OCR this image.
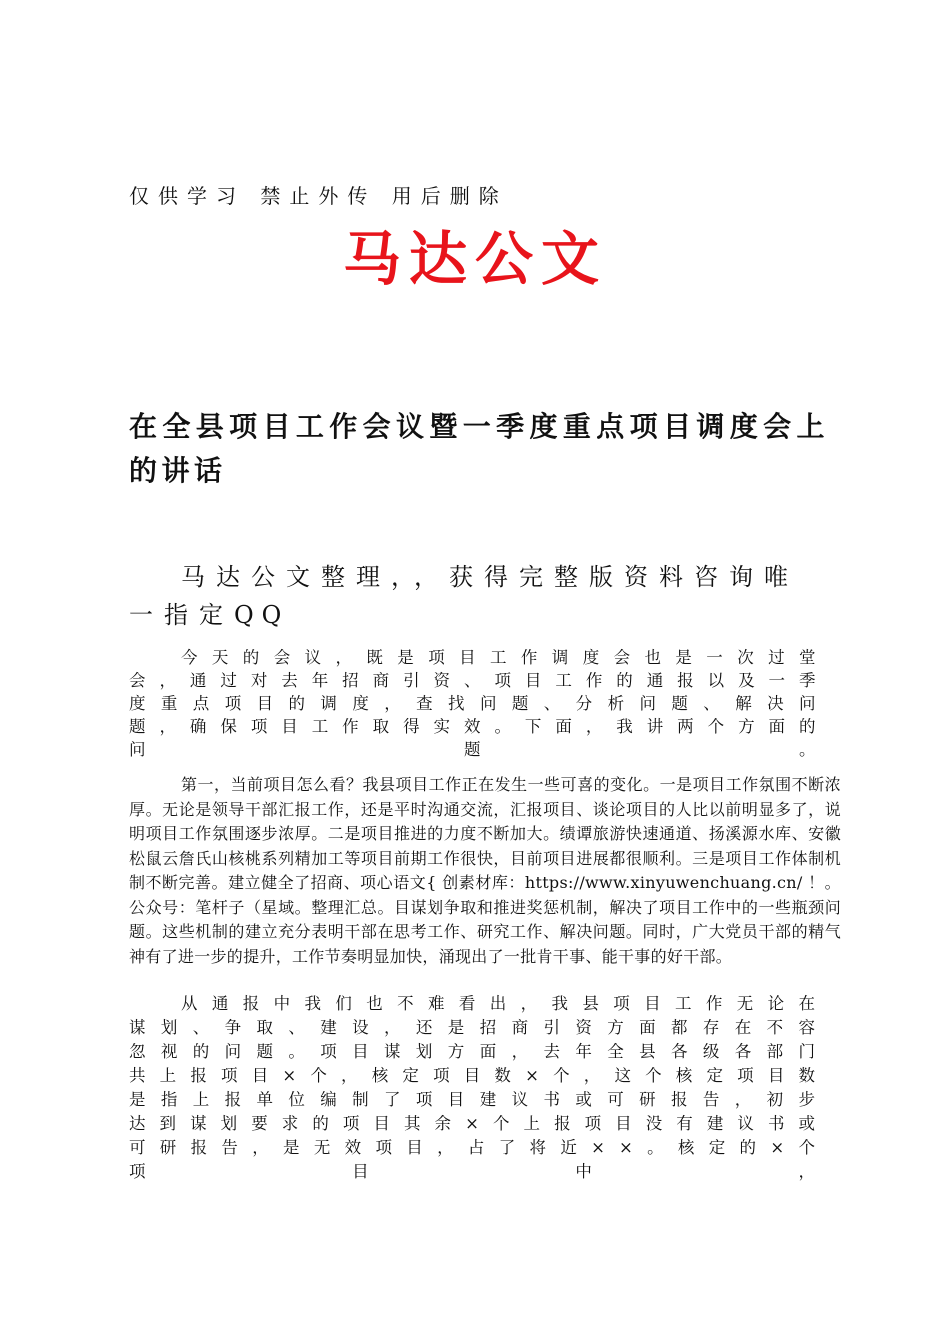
仅供学习 禁止外传 用后删除
马达公文
在全县项目工作会议暨一季度重点项目调度会上的讲话
马达公文整理，，获得完整版资料咨询唯一指定QQ

今天的会议，既是项目工作调度会也是一次过堂会，通过对去年招商引资、项目工作的通报以及一季度重点项目的调度，查找问题、分析问题、解决问题，确保项目工作取得实效。下面，我讲两个方面的问题。

第一，当前项目怎么看？我县项目工作正在发生一些可喜的变化。一是项目工作氛围不断浓厚。无论是领导干部汇报工作，还是平时沟通交流，汇报项目、谈论项目的人比以前明显多了，说明项目工作氛围逐步浓厚。二是项目推进的力度不断加大。绩谭旅游快速通道、扬溪源水库、安徽松鼠云詹氏山核桃系列精加工等项目前期工作很快，目前项目进展都很顺利。三是项目工作体制机制不断完善。建立健全了招商、项心语文{ 创素材库：https://www.xinyuwenchuang.cn/ ！。公众号：笔杆子（星域。整理汇总。目谋划争取和推进奖惩机制，解决了项目工作中的一些瓶颈问题。这些机制的建立充分表明干部在思考工作、研究工作、解决问题。同时，广大党员干部的精气神有了进一步的提升，工作节奏明显加快，涌现出了一批肯干事、能干事的好干部。

从通报中我们也不难看出，我县项目工作无论在谋划、争取、建设，还是招商引资方面都存在不容忽视的问题。项目谋划方面，去年全县各级各部门共上报项目×个，核定项目数×个，这个核定项目数是指上报单位编制了项目建议书或可研报告，初步达到谋划要求的项目其余×个上报项目没有建议书或可研报告，是无效项目，占了将近××。核定的×个项目中，
